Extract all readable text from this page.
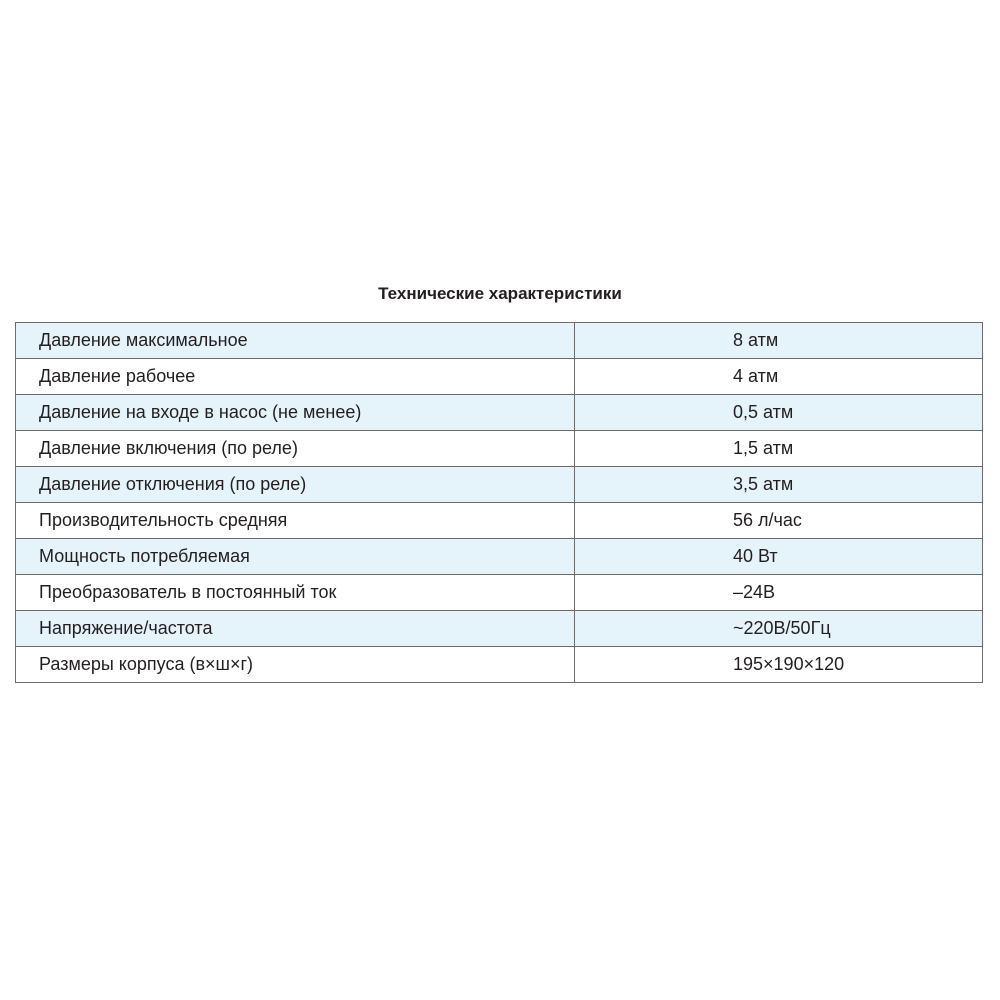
Технические характеристики
Давление максимальное	8 атм
Давление рабочее	4 атм
Давление на входе в насос (не менее)	0,5 атм
Давление включения (по реле)	1,5 атм
Давление отключения (по реле)	3,5 атм
Производительность средняя	56 л/час
Мощность потребляемая	40 Вт
Преобразователь в постоянный ток	–24В
Напряжение/частота	~220В/50Гц
Размеры корпуса (в×ш×г)	195×190×120
